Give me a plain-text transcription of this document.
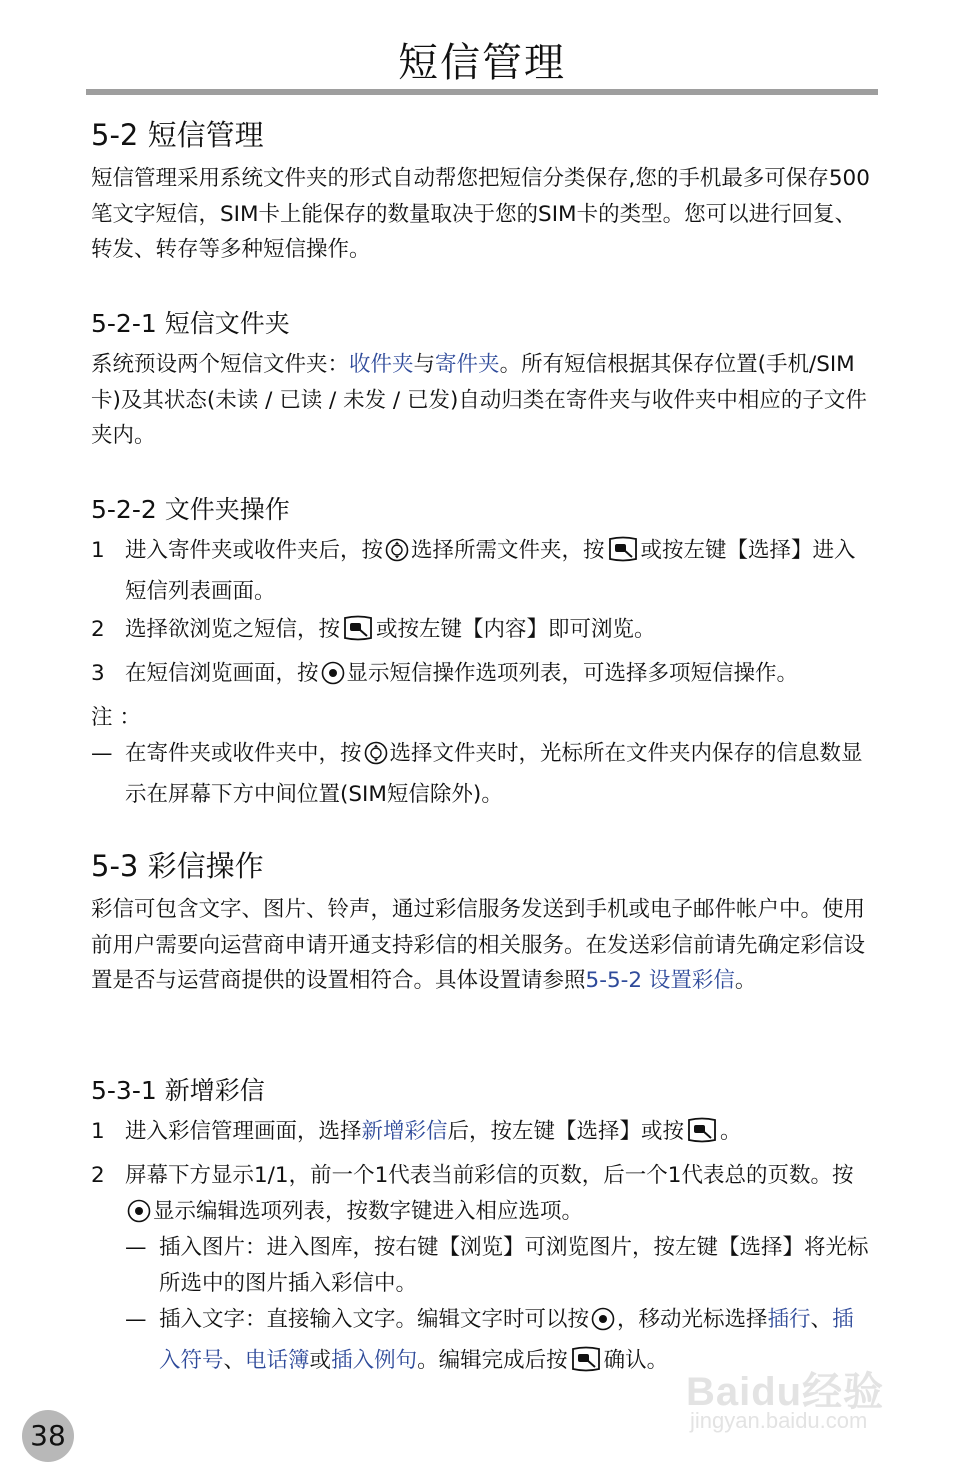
短信管理
5-2 短信管理
短信管理采用系统文件夹的形式自动帮您把短信分类保存,您的手机最多可保存500笔文字短信，SIM卡上能保存的数量取决于您的SIM卡的类型。您可以进行回复、转发、转存等多种短信操作。
5-2-1 短信文件夹
系统预设两个短信文件夹：收件夹与寄件夹。所有短信根据其保存位置(手机/SIM卡)及其状态(未读 / 已读 / 未发 / 已发)自动归类在寄件夹与收件夹中相应的子文件夹内。
5-2-2 文件夹操作
1 进入寄件夹或收件夹后，按 选择所需文件夹，按 或按左键【选择】进入短信列表画面。
2 选择欲浏览之短信，按 或按左键【内容】即可浏览。
3 在短信浏览画面，按 显示短信操作选项列表，可选择多项短信操作。
注 ：
— 在寄件夹或收件夹中，按 选择文件夹时，光标所在文件夹内保存的信息数显示在屏幕下方中间位置(SIM短信除外)。
5-3 彩信操作
彩信可包含文字、图片、铃声，通过彩信服务发送到手机或电子邮件帐户中。使用前用户需要向运营商申请开通支持彩信的相关服务。在发送彩信前请先确定彩信设置是否与运营商提供的设置相符合。具体设置请参照5-5-2 设置彩信。
5-3-1 新增彩信
1 进入彩信管理画面，选择新增彩信后，按左键【选择】或按 。
2 屏幕下方显示1/1，前一个1代表当前彩信的页数，后一个1代表总的页数。按显示编辑选项列表，按数字键进入相应选项。
— 插入图片：进入图库，按右键【浏览】可浏览图片，按左键【选择】将光标所选中的图片插入彩信中。
— 插入文字：直接输入文字。编辑文字时可以按 ，移动光标选择插行、插入符号、电话簿或插入例句。编辑完成后按 确认。
38
Baidu经验
jingyan.baidu.com
